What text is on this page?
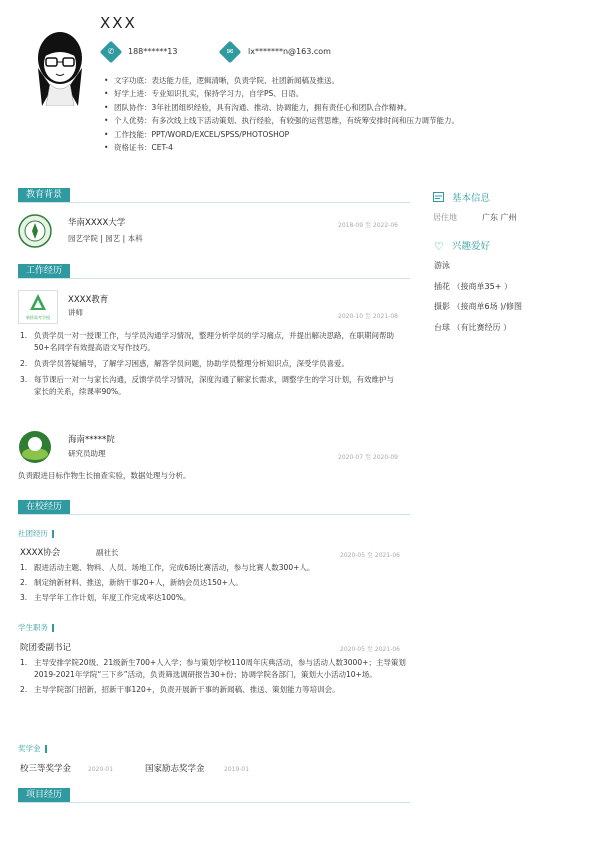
XXX
✆	188******13	✉	lx*******n@163.com
• 文字功底：表达能力佳，逻辑清晰，负责学院、社团新闻稿及推送。
• 好学上进：专业知识扎实，保持学习力，自学PS、日语。
• 团队协作：3年社团组织经验，具有沟通、推动、协调能力，拥有责任心和团队合作精神。
• 个人优势：有多次线上线下活动策划、执行经验，有较强的运营思维，有统筹安排时间和压力调节能力。
• 工作技能：PPT/WORD/EXCEL/SPSS/PHOTOSHOP
• 资格证书：CET-4
教育背景
华南XXXX大学
园艺学院 | 园艺 | 本科
2018-09 至 2022-06
工作经历
新桥高考学校
XXXX教育
讲师	2020-10 至 2021-08
1. 负责学员一对一授课工作，与学员沟通学习情况，整理分析学员的学习痛点，并提出解决思路，在职期间帮助50+名同学有效提高语文写作技巧。
2. 负责学员答疑辅导，了解学习困惑，解答学员问题，协助学员整理分析知识点，深受学员喜爱。
3. 每节课后一对一与家长沟通，反馈学员学习情况，深度沟通了解家长需求，调整学生的学习计划，有效维护与家长的关系，续课率90%。
海南*****院
研究员助理	2020-07 至 2020-09
负责跟进目标作物生长抽查实验，数据处理与分析。
在校经历
社团经历
XXXX协会	副社长	2020-05 至 2021-06
1. 跟进活动主题、物料、人员、场地工作，完成6场比赛活动，参与比赛人数300+人。
2. 制定纳新材料、推送，新纳干事20+人，新纳会员达150+人。
3. 主导学年工作计划，年度工作完成率达100%。
学生职务
院团委副书记	2020-05 至 2021-06
1. 主导安排学院20级、21级新生700+人入学；参与策划学校110周年庆典活动，参与活动人数3000+；主导策划2019-2021年学院“三下乡”活动，负责筛选调研报告30+份；协调学院各部门，策划大小活动10+场。
2. 主导学院部门招新，招新干事120+，负责开展新干事的新闻稿、推送、策划能力等培训会。
奖学金
校三等奖学金	2020-01	国家励志奖学金	2019-01
项目经历
基本信息
居住地	广东 广州
♡ 兴趣爱好
游泳
插花 （接商单35+ ）
摄影 （接商单6场 )/修图
台球 （有比赛经历 ）
